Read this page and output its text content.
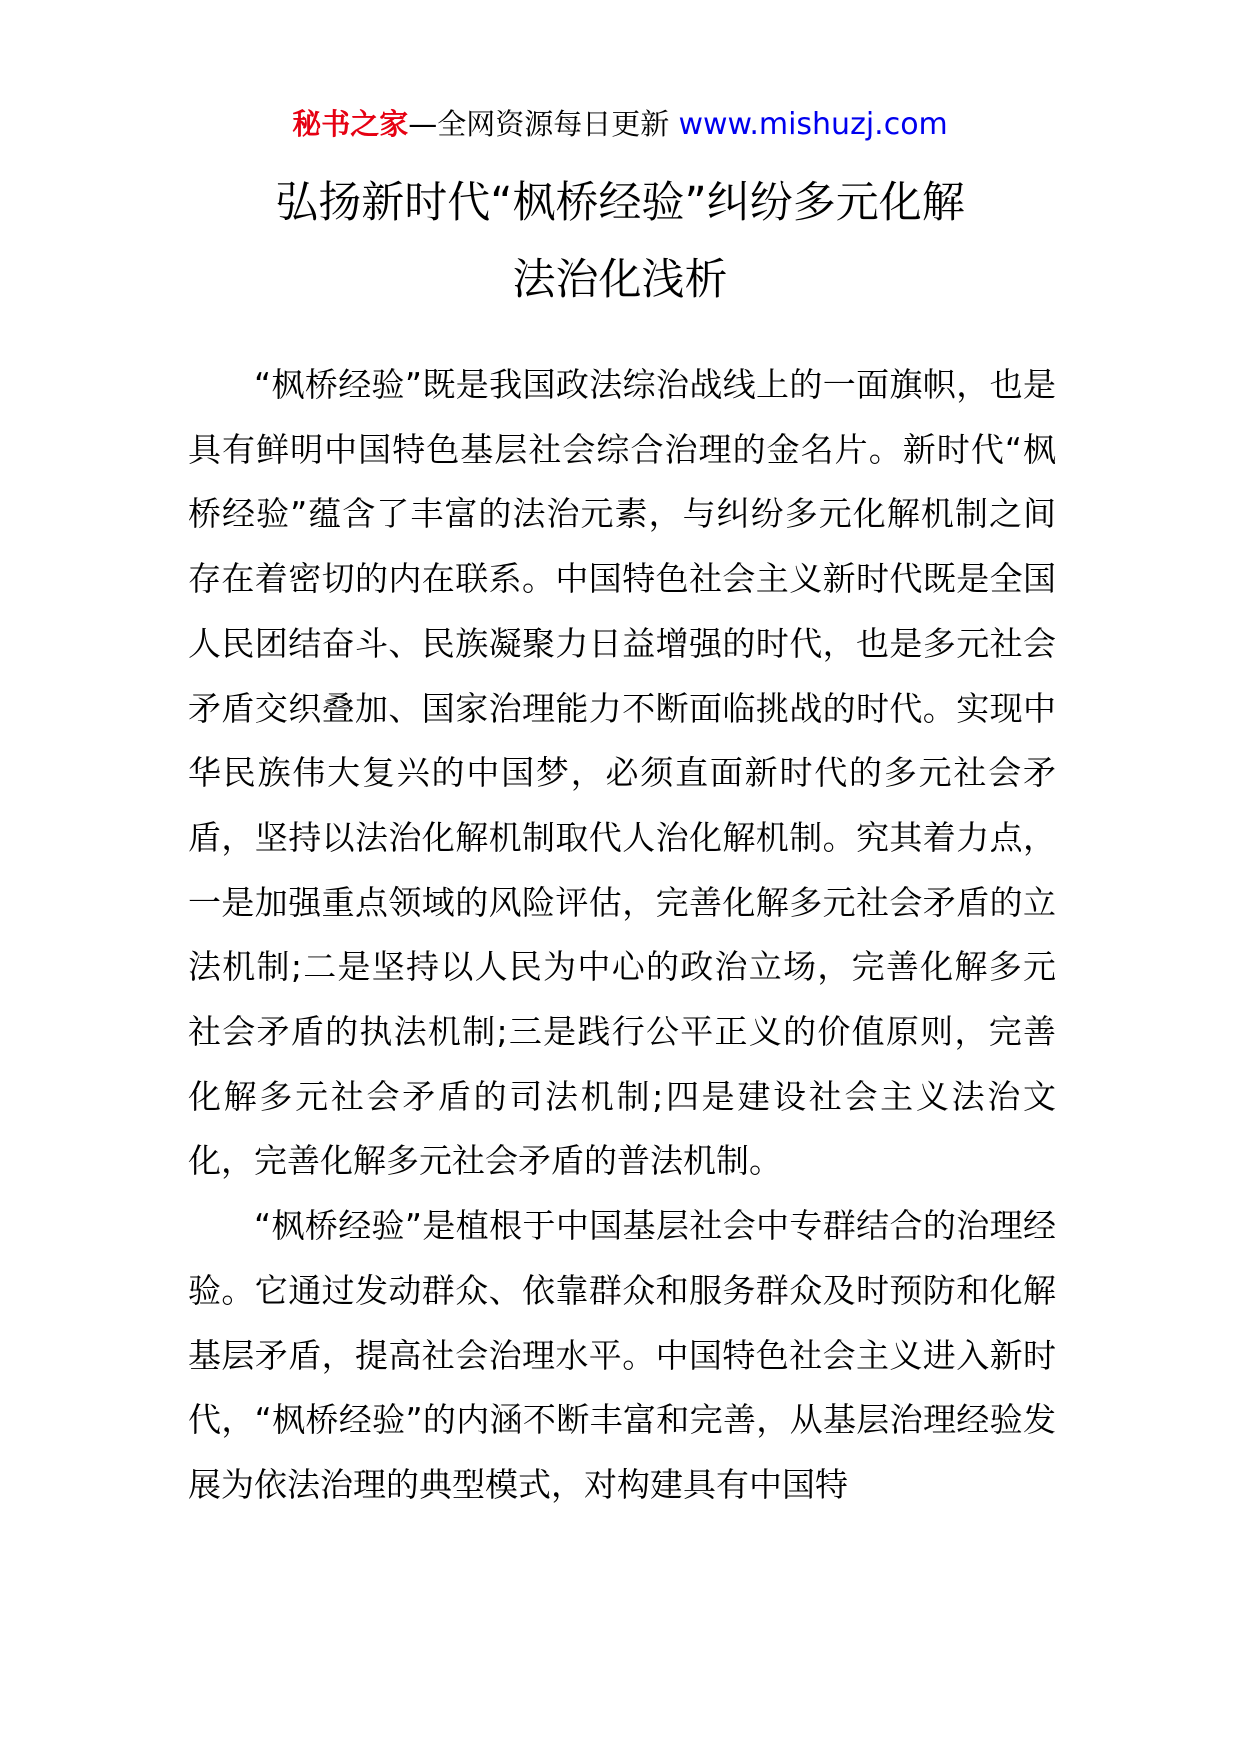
秘书之家—全网资源每日更新 www.mishuzj.com
弘扬新时代“枫桥经验”纠纷多元化解
法治化浅析

“枫桥经验”既是我国政法综治战线上的一面旗帜，也是具有鲜明中国特色基层社会综合治理的金名片。新时代“枫桥经验”蕴含了丰富的法治元素，与纠纷多元化解机制之间存在着密切的内在联系。中国特色社会主义新时代既是全国人民团结奋斗、民族凝聚力日益增强的时代，也是多元社会矛盾交织叠加、国家治理能力不断面临挑战的时代。实现中华民族伟大复兴的中国梦，必须直面新时代的多元社会矛盾，坚持以法治化解机制取代人治化解机制。究其着力点，一是加强重点领域的风险评估，完善化解多元社会矛盾的立法机制;二是坚持以人民为中心的政治立场，完善化解多元社会矛盾的执法机制;三是践行公平正义的价值原则，完善化解多元社会矛盾的司法机制;四是建设社会主义法治文化，完善化解多元社会矛盾的普法机制。

“枫桥经验”是植根于中国基层社会中专群结合的治理经验。它通过发动群众、依靠群众和服务群众及时预防和化解基层矛盾，提高社会治理水平。中国特色社会主义进入新时代，“枫桥经验”的内涵不断丰富和完善，从基层治理经验发展为依法治理的典型模式，对构建具有中国特
